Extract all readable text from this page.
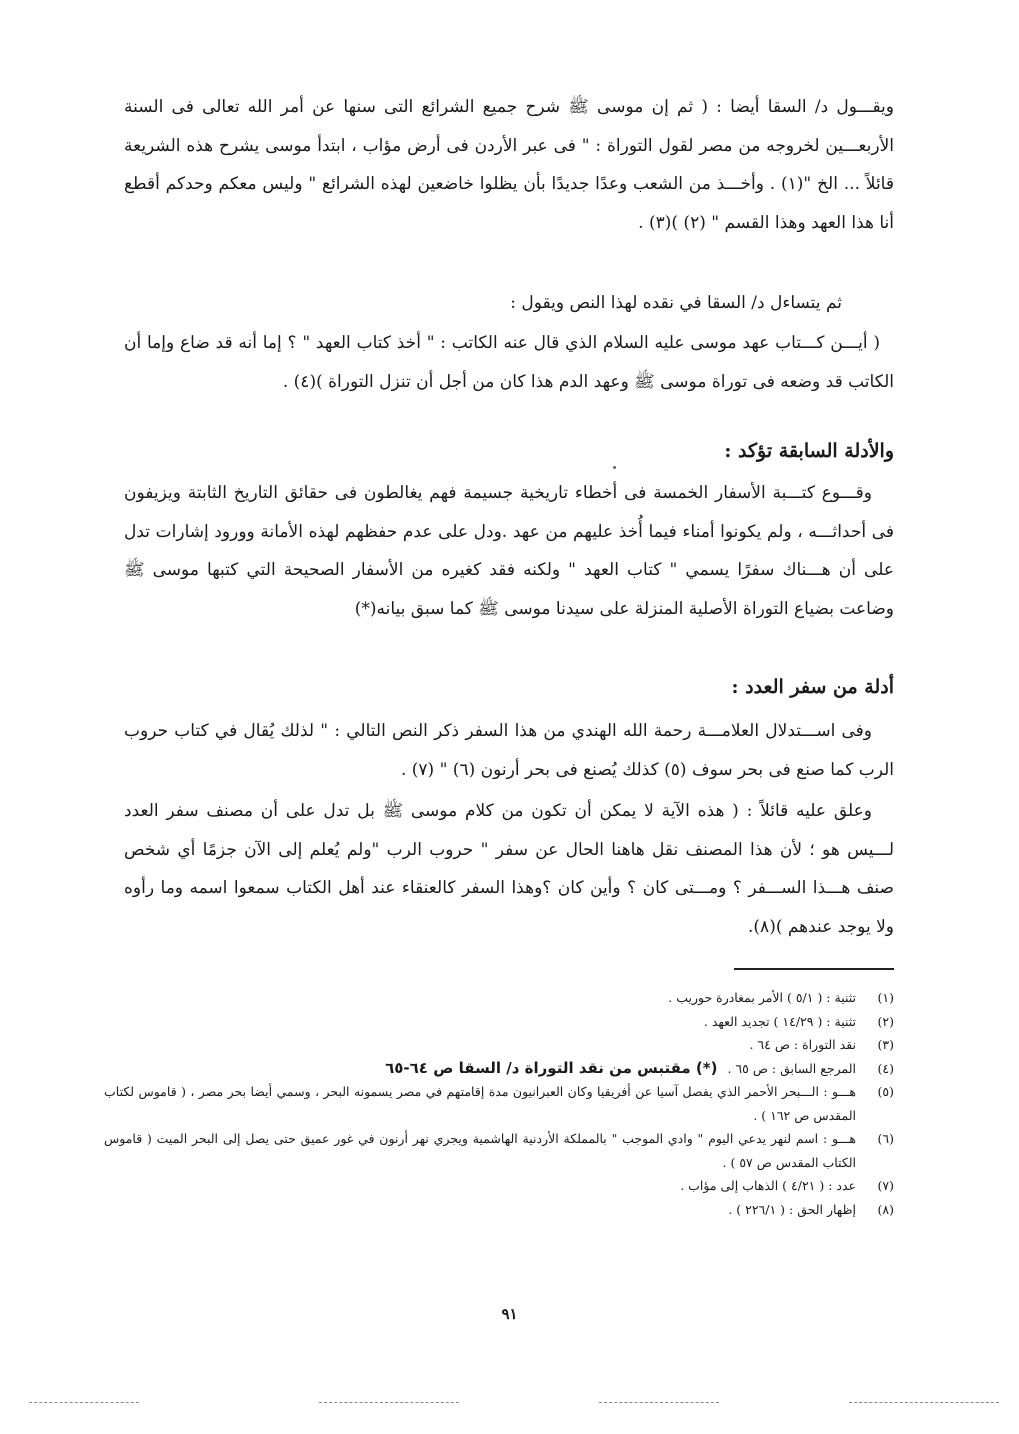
ويقـــول د/ السقا أيضا : ( ثم إن موسى ﷺ شرح جميع الشرائع التى سنها عن أمر الله تعالى فى السنة الأربعـــين لخروجه من مصر لقول التوراة : " فى عبر الأردن فى أرض مؤاب ، ابتدأ موسى يشرح هذه الشريعة قائلاً ... الخ "(١) . وأخـــذ من الشعب وعدًا جديدًا بأن يظلوا خاضعين لهذه الشرائع " وليس معكم وحدكم أقطع أنا هذا العهد وهذا القسم " (٢) )(٣) .

ثم يتساءل د/ السقا في نقده لهذا النص ويقول :

( أيـــن كـــتاب عهد موسى عليه السلام الذي قال عنه الكاتب : " أخذ كتاب العهد " ؟ إما أنه قد ضاع وإما أن الكاتب قد وضعه فى توراة موسى ﷺ وعهد الدم هذا كان من أجل أن تنزل التوراة )(٤) .

والأدلة السابقة تؤكد :

وقـــوع كتـــبة الأسفار الخمسة فى أخطاء تاريخية جسيمة فهم يغالطون فى حقائق التاريخ الثابتة ويزيفون فى أحداثـــه ، ولم يكونوا أمناء فيما أُخذ عليهم من عهد .ودل على عدم حفظهم لهذه الأمانة وورود إشارات تدل على أن هـــناك سفرًا يسمي " كتاب العهد " ولكنه فقد كغيره من الأسفار الصحيحة التي كتبها موسى ﷺ وضاعت بضياع التوراة الأصلية المنزلة على سيدنا موسى ﷺ كما سبق بيانه(*)

أدلة من سفر العدد :

وفى اســـتدلال العلامـــة رحمة الله الهندي من هذا السفر ذكر النص التالي : " لذلك يُقال في كتاب حروب الرب كما صنع فى بحر سوف (٥) كذلك يُصنع فى بحر أرنون (٦) " (٧) .

وعلق عليه قائلاً : ( هذه الآية لا يمكن أن تكون من كلام موسى ﷺ بل تدل على أن مصنف سفر العدد لـــيس هو ؛ لأن هذا المصنف نقل هاهنا الحال عن سفر " حروب الرب "ولم يُعلم إلى الآن جزمًا أي شخص صنف هـــذا الســـفر ؟ ومـــتى كان ؟ وأين كان ؟وهذا السفر كالعنقاء عند أهل الكتاب سمعوا اسمه وما رأوه ولا يوجد عندهم )(٨).

(١)
تثنية : ( ٥/١ ) الأمر بمغادرة حوريب .
(٢)
تثنية : ( ١٤/٢٩ ) تجديد العهد .
(٣)
نقد التوراة : ص ٦٤ .
(٤)
المرجع السابق : ص ٦٥ . (*) مقتبس من نقد التوراة د/ السقا ص ٦٤-٦٥
(٥)
هـــو : الـــبحر الأحمر الذي يفصل آسيا عن أفريقيا وكان العبرانيون مدة إقامتهم في مصر يسمونه البحر ، وسمي أيضا بحر مصر ، ( قاموس لكتاب المقدس ص ١٦٢ ) .
(٦)
هـــو : اسم لنهر يدعي اليوم " وادي الموجب " بالمملكة الأردنية الهاشمية ويجري نهر أرنون في غور عميق حتى يصل إلى البحر الميت ( قاموس الكتاب المقدس ص ٥٧ ) .
(٧)
عدد : ( ٤/٢١ ) الذهاب إلى مؤاب .
(٨)
إظهار الحق : ( ٢٢٦/١ ) .
٩١
